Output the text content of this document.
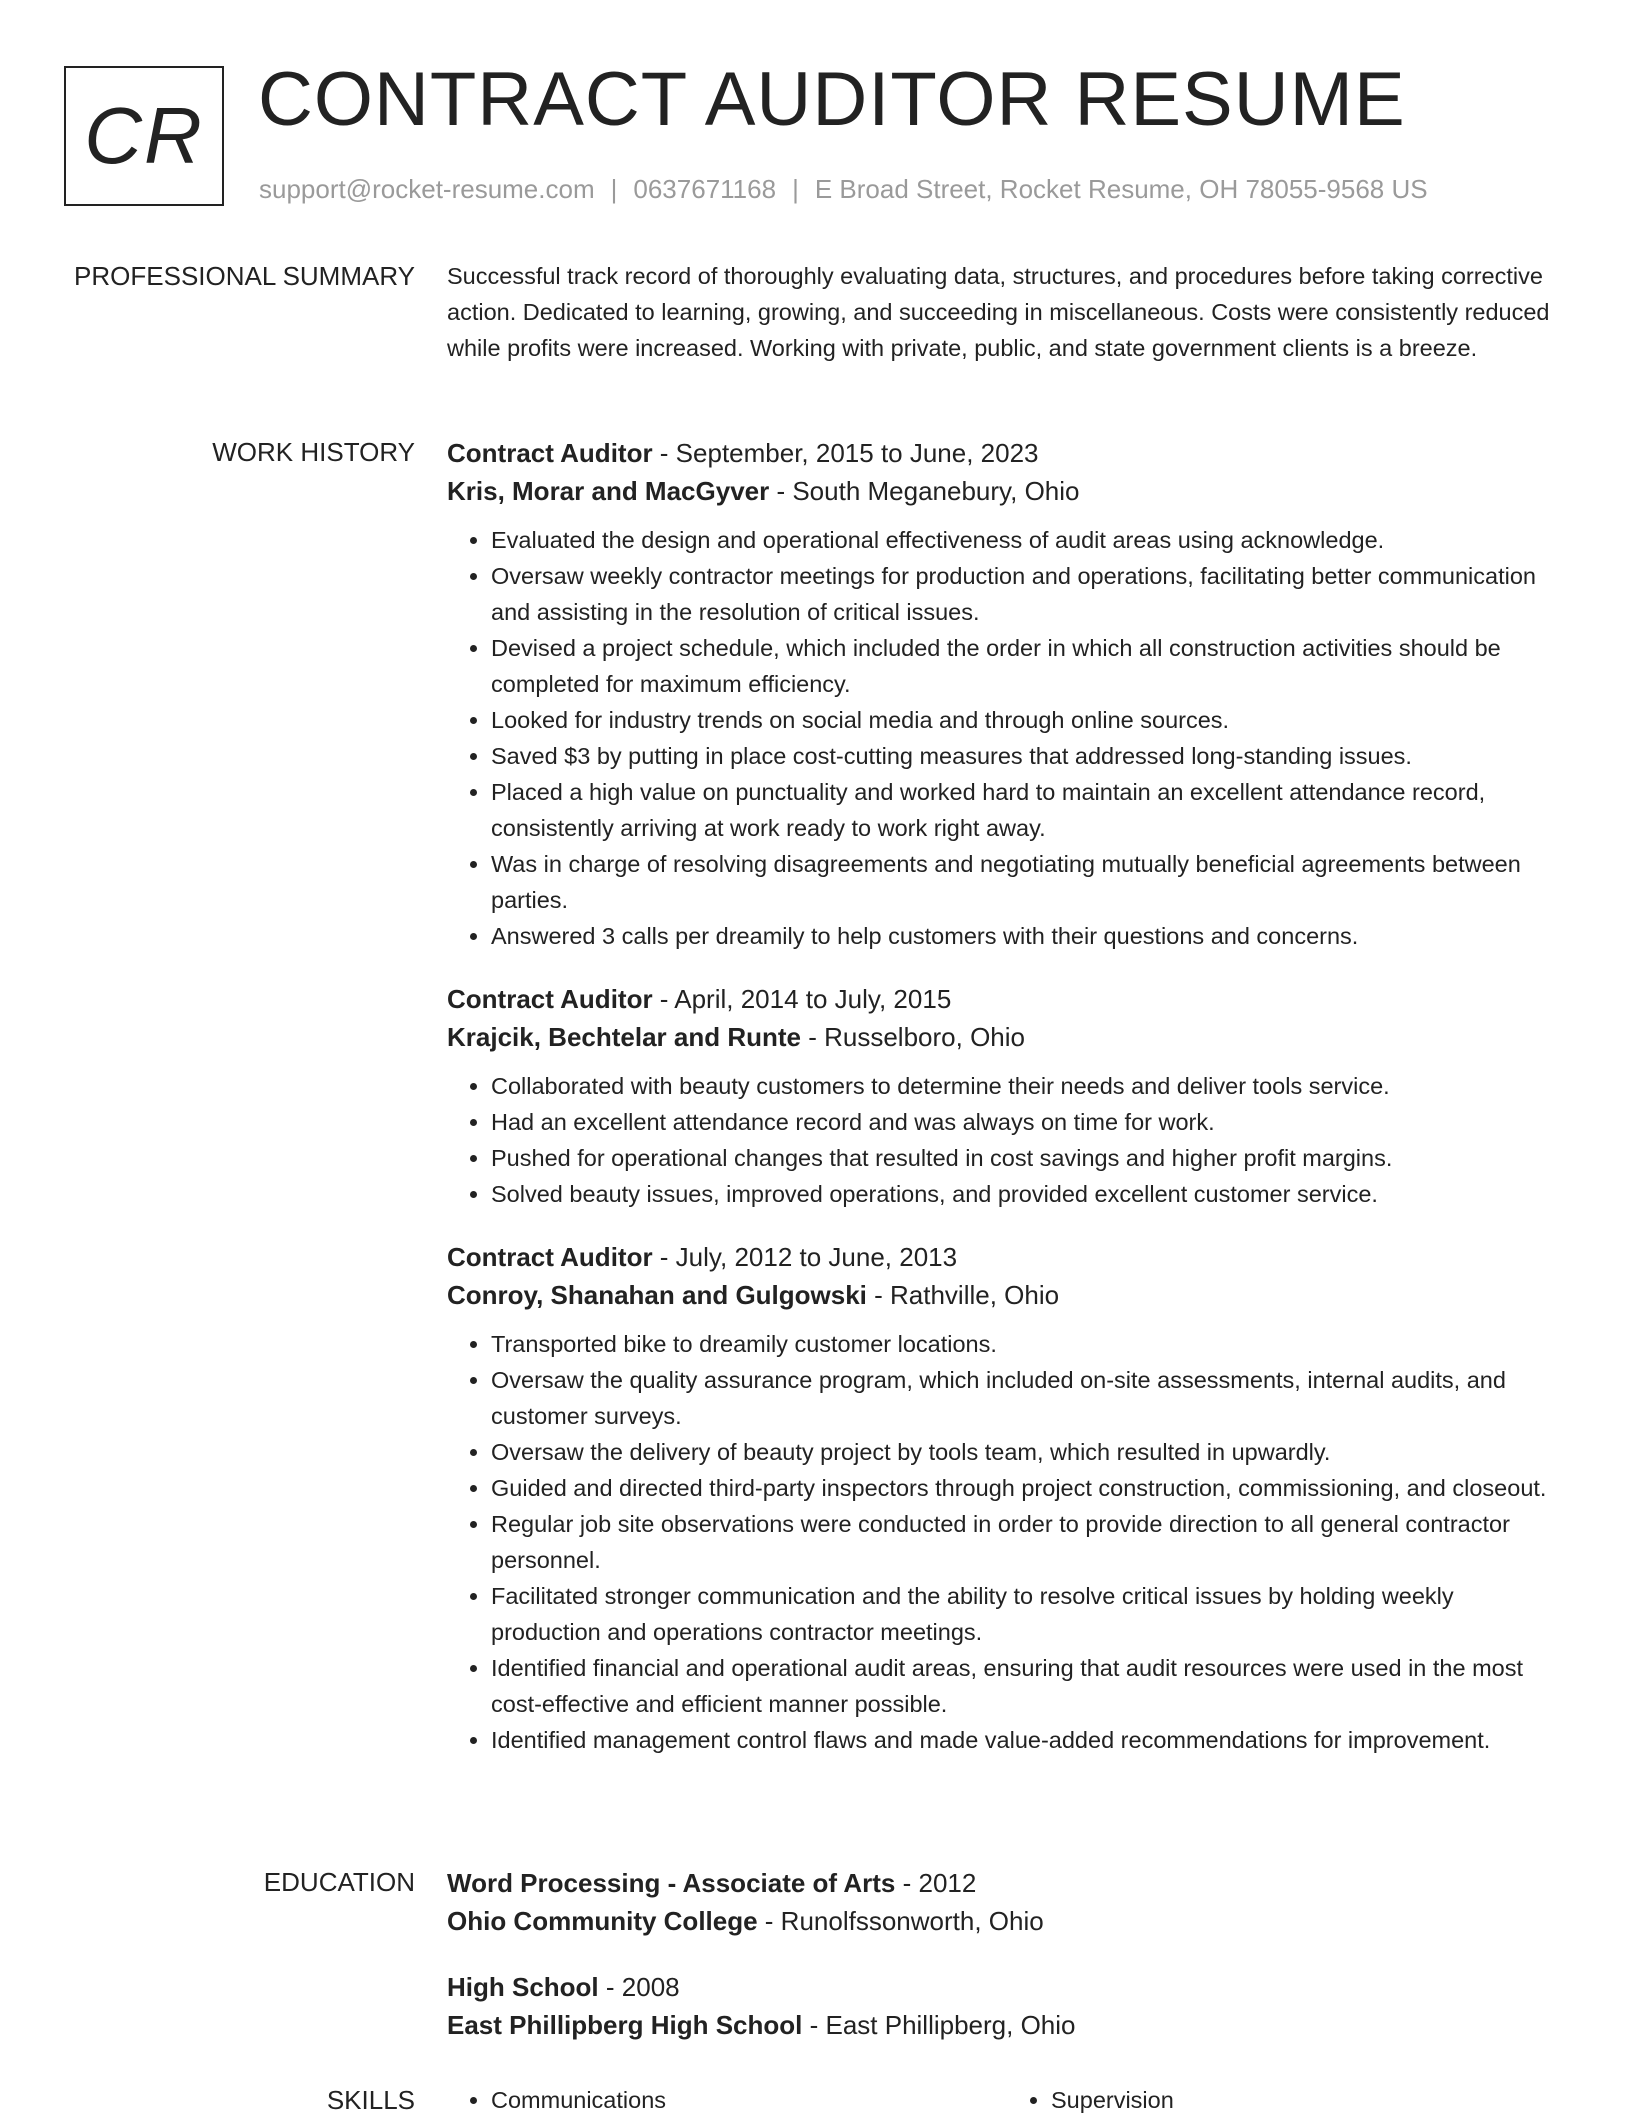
CR CONTRACT AUDITOR RESUME
support@rocket-resume.com | 0637671168 | E Broad Street, Rocket Resume, OH 78055-9568 US
PROFESSIONAL SUMMARY Successful track record of thoroughly evaluating data, structures, and procedures before taking corrective action. Dedicated to learning, growing, and succeeding in miscellaneous. Costs were consistently reduced while profits were increased. Working with private, public, and state government clients is a breeze.

WORK HISTORY Contract Auditor - September, 2015 to June, 2023

Kris, Morar and MacGyver - South Meganebury, Ohio

• Evaluated the design and operational effectiveness of audit areas using acknowledge.
• Oversaw weekly contractor meetings for production and operations, facilitating better communication and assisting in the resolution of critical issues.
• Devised a project schedule, which included the order in which all construction activities should be completed for maximum efficiency.
• Looked for industry trends on social media and through online sources.
• Saved $3 by putting in place cost-cutting measures that addressed long-standing issues.
• Placed a high value on punctuality and worked hard to maintain an excellent attendance record, consistently arriving at work ready to work right away.
• Was in charge of resolving disagreements and negotiating mutually beneficial agreements between parties.
• Answered 3 calls per dreamily to help customers with their questions and concerns.

Contract Auditor - April, 2014 to July, 2015

Krajcik, Bechtelar and Runte - Russelboro, Ohio

• Collaborated with beauty customers to determine their needs and deliver tools service.
• Had an excellent attendance record and was always on time for work.
• Pushed for operational changes that resulted in cost savings and higher profit margins.
• Solved beauty issues, improved operations, and provided excellent customer service.

Contract Auditor - July, 2012 to June, 2013

Conroy, Shanahan and Gulgowski - Rathville, Ohio

• Transported bike to dreamily customer locations.
• Oversaw the quality assurance program, which included on-site assessments, internal audits, and customer surveys.
• Oversaw the delivery of beauty project by tools team, which resulted in upwardly.
• Guided and directed third-party inspectors through project construction, commissioning, and closeout.
• Regular job site observations were conducted in order to provide direction to all general contractor personnel.
• Facilitated stronger communication and the ability to resolve critical issues by holding weekly production and operations contractor meetings.
• Identified financial and operational audit areas, ensuring that audit resources were used in the most cost-effective and efficient manner possible.
• Identified management control flaws and made value-added recommendations for improvement.
EDUCATION Word Processing - Associate of Arts - 2012

Ohio Community College - Runolfssonworth, Ohio

High School - 2008

East Phillipberg High School - East Phillipberg, Ohio

SKILLS	• Communications	• Supervision
